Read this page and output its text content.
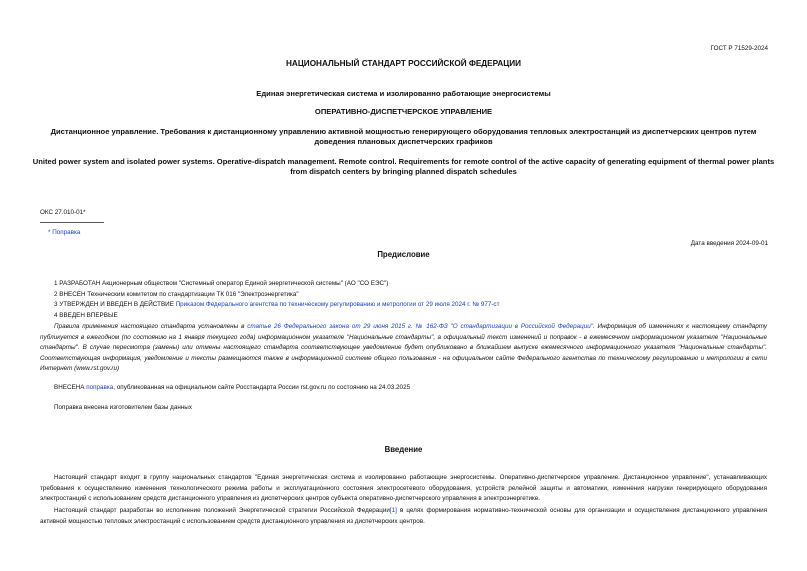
ГОСТ Р 71529-2024
НАЦИОНАЛЬНЫЙ СТАНДАРТ РОССИЙСКОЙ ФЕДЕРАЦИИ
Единая энергетическая система и изолированно работающие энергосистемы
ОПЕРАТИВНО-ДИСПЕТЧЕРСКОЕ УПРАВЛЕНИЕ
Дистанционное управление. Требования к дистанционному управлению активной мощностью генерирующего оборудования тепловых электростанций из диспетчерских центров путем доведения плановых диспетчерских графиков
United power system and isolated power systems. Operative-dispatch management. Remote control. Requirements for remote control of the active capacity of generating equipment of thermal power plants from dispatch centers by bringing planned dispatch schedules
ОКС 27.010-01*
* Поправка
Дата введения 2024-09-01
Предисловие
1 РАЗРАБОТАН Акционерным обществом "Системный оператор Единой энергетической системы" (АО "СО ЕЭС")
2 ВНЕСЕН Техническим комитетом по стандартизации ТК 016 "Электроэнергетика"
3 УТВЕРЖДЕН И ВВЕДЕН В ДЕЙСТВИЕ Приказом Федерального агентства по техническому регулированию и метрологии от 29 июля 2024 г. № 977-ст
4 ВВЕДЕН ВПЕРВЫЕ
Правила применения настоящего стандарта установлены в статье 26 Федерального закона от 29 июня 2015 г. № 162-ФЗ "О стандартизации в Российской Федерации". Информация об изменениях к настоящему стандарту публикуется в ежегодном (по состоянию на 1 января текущего года) информационном указателе "Национальные стандарты", а официальный текст изменений и поправок - в ежемесячном информационном указателе "Национальные стандарты". В случае пересмотра (замены) или отмены настоящего стандарта соответствующее уведомление будет опубликовано в ближайшем выпуске ежемесячного информационного указателя "Национальные стандарты". Соответствующая информация, уведомление и тексты размещаются также в информационной системе общего пользования - на официальном сайте Федерального агентства по техническому регулированию и метрологии в сети Интернет (www.rst.gov.ru)
ВНЕСЕНА поправка, опубликованная на официальном сайте Росстандарта России rst.gov.ru по состоянию на 24.03.2025
Поправка внесена изготовителем базы данных
Введение
Настоящий стандарт входит в группу национальных стандартов "Единая энергетическая система и изолированно работающие энергосистемы. Оперативно-диспетчерское управление. Дистанционное управление", устанавливающих требования к осуществлению изменения технологического режима работы и эксплуатационного состояния электросетевого оборудования, устройств релейной защиты и автоматики, изменения нагрузки генерирующего оборудования электростанций с использованием средств дистанционного управления из диспетчерских центров субъекта оперативно-диспетчерского управления в электроэнергетике.
Настоящий стандарт разработан во исполнение положений Энергетической стратегии Российской Федерации[1] в целях формирования нормативно-технической основы для организации и осуществления дистанционного управления активной мощностью тепловых электростанций с использованием средств дистанционного управления из диспетчерских центров.
